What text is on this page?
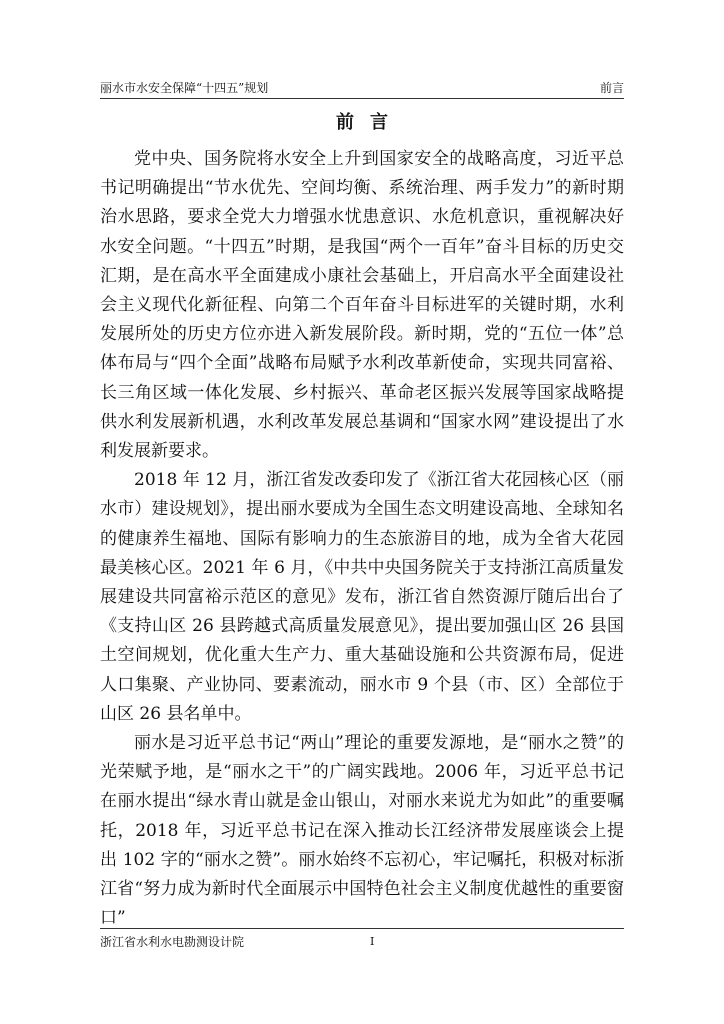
丽水市水安全保障“十四五”规划	前言
前言

党中央、国务院将水安全上升到国家安全的战略高度，习近平总书记明确提出“节水优先、空间均衡、系统治理、两手发力”的新时期治水思路，要求全党大力增强水忧患意识、水危机意识，重视解决好水安全问题。“十四五”时期，是我国“两个一百年”奋斗目标的历史交汇期，是在高水平全面建成小康社会基础上，开启高水平全面建设社会主义现代化新征程、向第二个百年奋斗目标进军的关键时期，水利发展所处的历史方位亦进入新发展阶段。新时期，党的“五位一体”总体布局与“四个全面”战略布局赋予水利改革新使命，实现共同富裕、长三角区域一体化发展、乡村振兴、革命老区振兴发展等国家战略提供水利发展新机遇，水利改革发展总基调和“国家水网”建设提出了水利发展新要求。

2018 年 12 月，浙江省发改委印发了《浙江省大花园核心区（丽水市）建设规划》，提出丽水要成为全国生态文明建设高地、全球知名的健康养生福地、国际有影响力的生态旅游目的地，成为全省大花园最美核心区。2021 年 6 月，《中共中央国务院关于支持浙江高质量发展建设共同富裕示范区的意见》发布，浙江省自然资源厅随后出台了《支持山区 26 县跨越式高质量发展意见》，提出要加强山区 26 县国土空间规划，优化重大生产力、重大基础设施和公共资源布局，促进人口集聚、产业协同、要素流动，丽水市 9 个县（市、区）全部位于山区 26 县名单中。

丽水是习近平总书记“两山”理论的重要发源地，是“丽水之赞”的光荣赋予地，是“丽水之干”的广阔实践地。2006 年，习近平总书记在丽水提出“绿水青山就是金山银山，对丽水来说尤为如此”的重要嘱托，2018 年，习近平总书记在深入推动长江经济带发展座谈会上提出 102 字的“丽水之赞”。丽水始终不忘初心，牢记嘱托，积极对标浙江省“努力成为新时代全面展示中国特色社会主义制度优越性的重要窗口”

浙江省水利水电勘测设计院	I
